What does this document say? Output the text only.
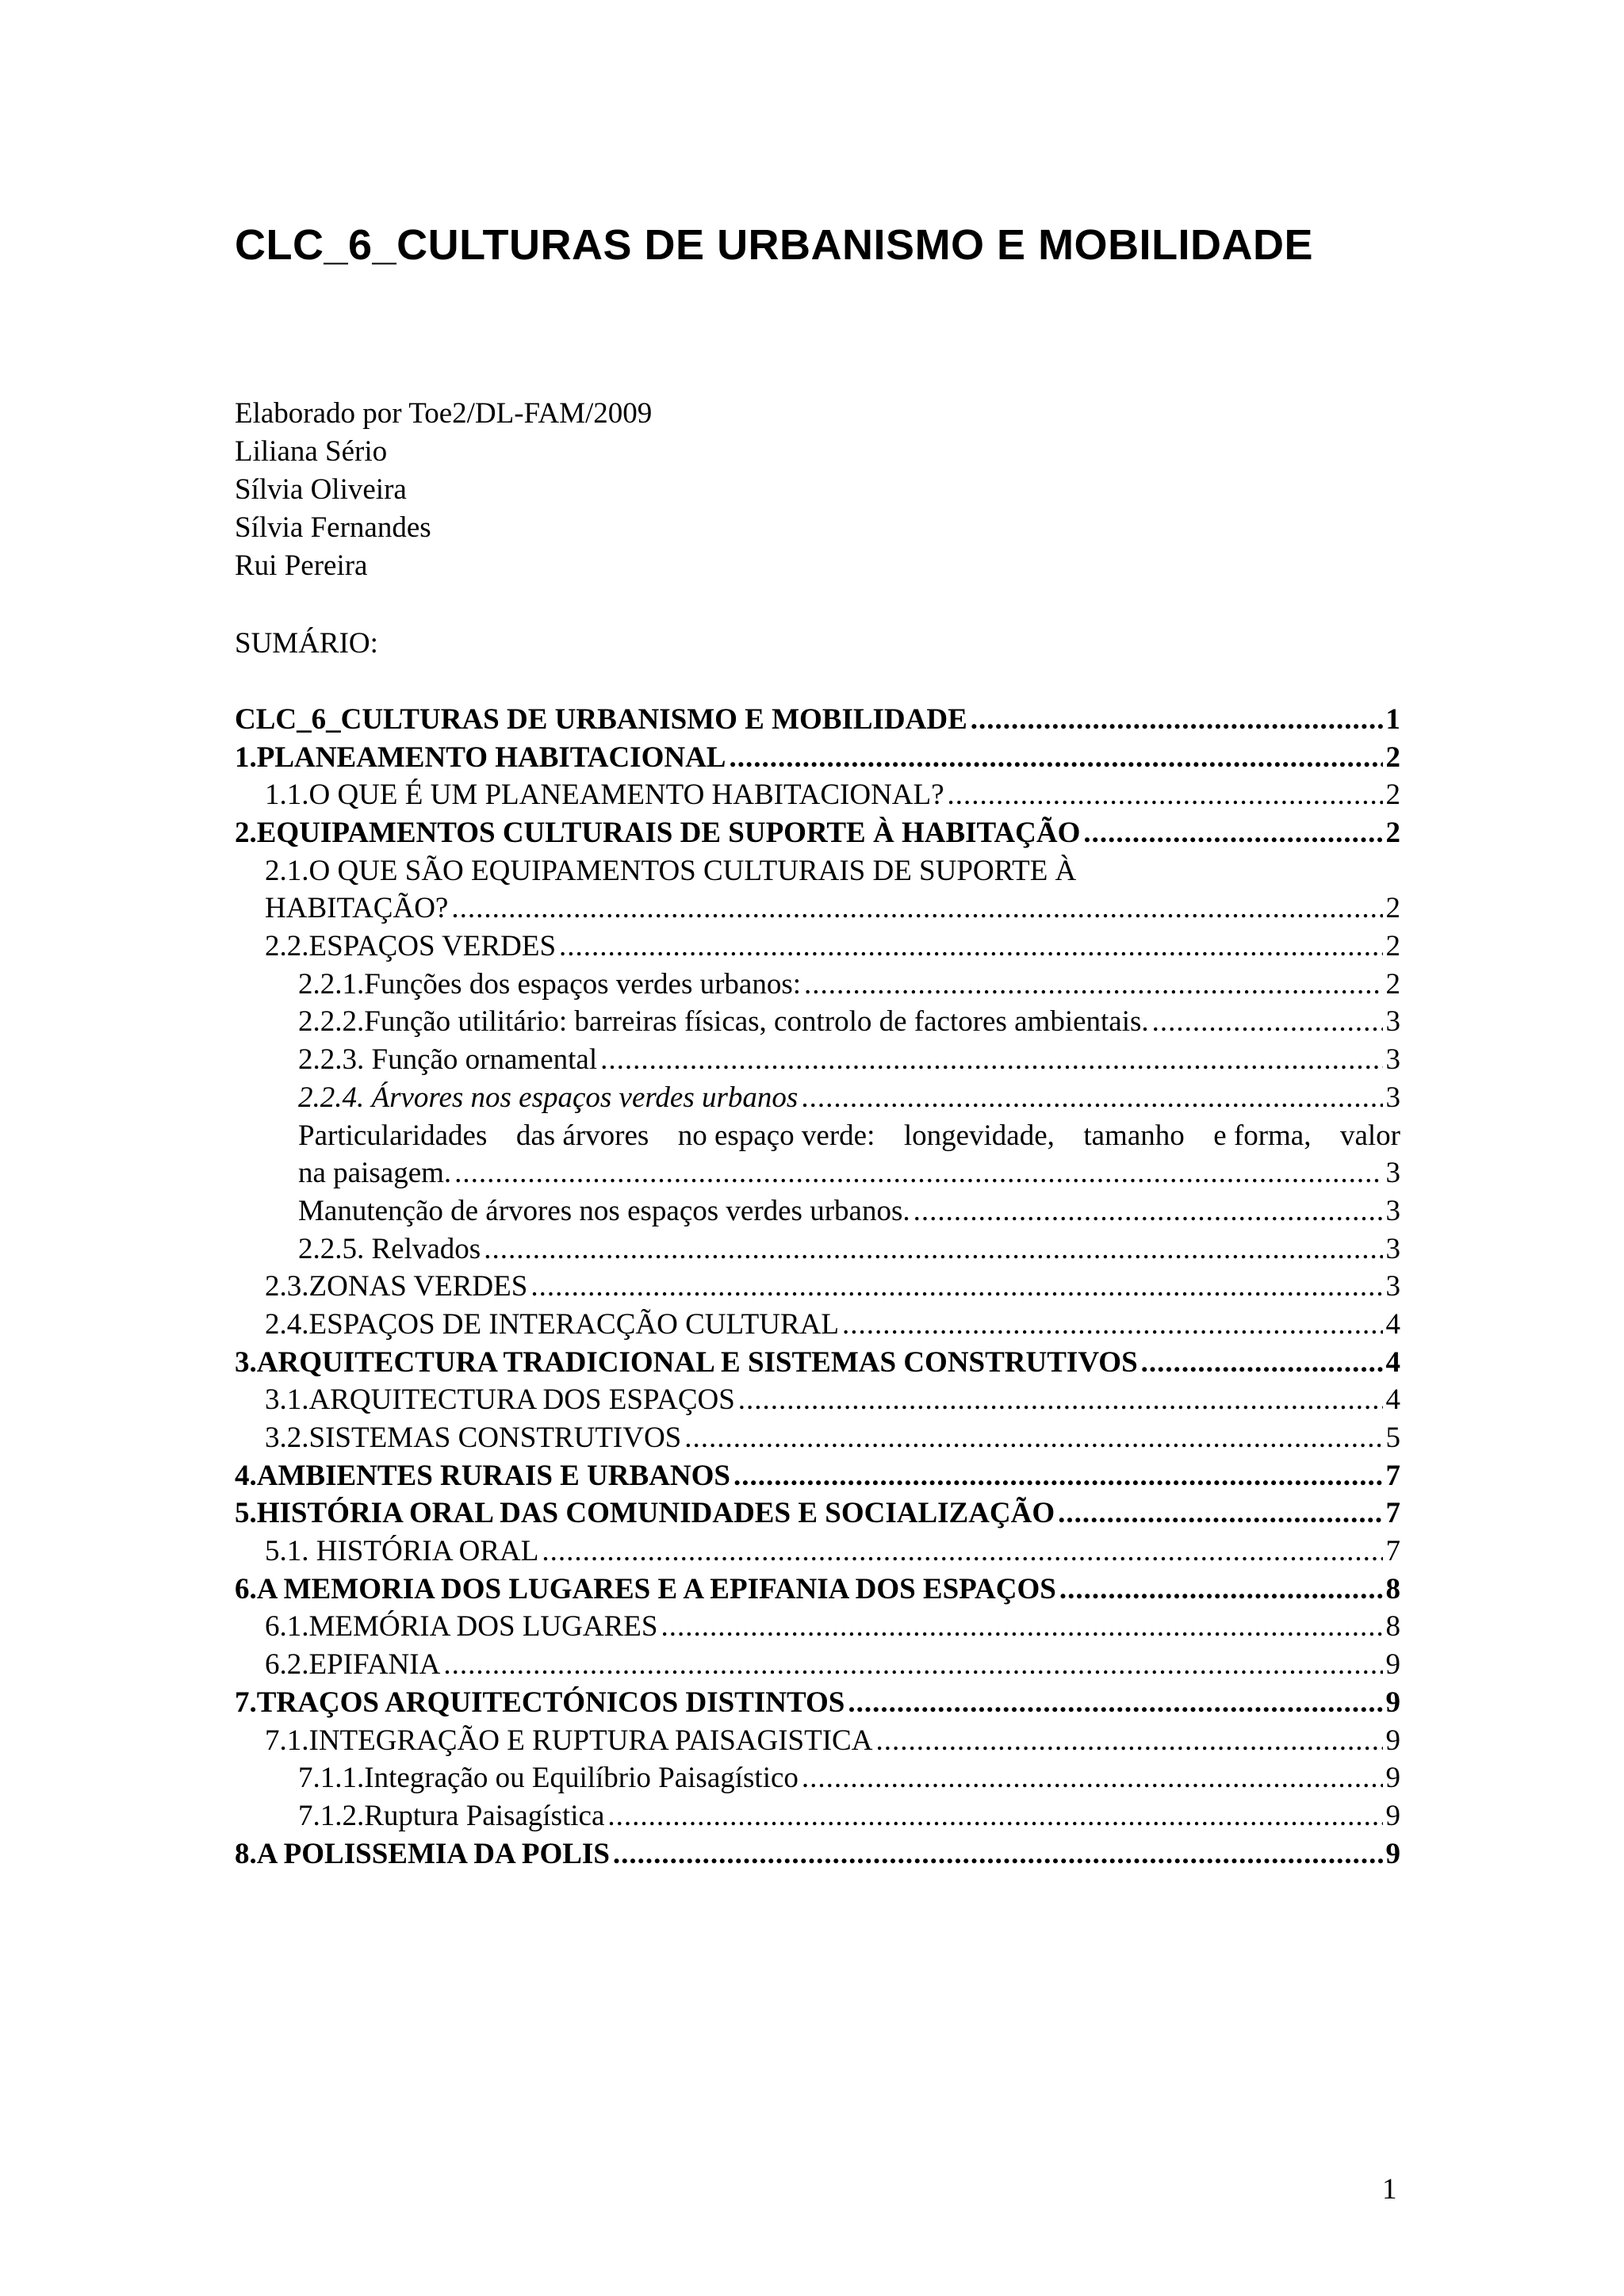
CLC_6_CULTURAS DE URBANISMO E MOBILIDADE
Elaborado por Toe2/DL-FAM/2009
Liliana Sério
Sílvia Oliveira
Sílvia Fernandes
Rui Pereira
SUMÁRIO:
CLC_6_CULTURAS DE URBANISMO E MOBILIDADE .....	1
1.PLANEAMENTO HABITACIONAL .....	2
1.1.O QUE É UM PLANEAMENTO HABITACIONAL? .....	2
2.EQUIPAMENTOS CULTURAIS DE SUPORTE À HABITAÇÃO .....	2
2.1.O QUE SÃO EQUIPAMENTOS CULTURAIS DE SUPORTE À
HABITAÇÃO? .....	2
2.2.ESPAÇOS VERDES .....	2
2.2.1.Funções dos espaços verdes urbanos: .....	2
2.2.2.Função utilitário: barreiras físicas, controlo de factores ambientais. .....	3
2.2.3. Função ornamental .....	3
2.2.4. Árvores nos espaços verdes urbanos .....	3
Particularidades das árvores no espaço verde: longevidade, tamanho e forma, valor
na paisagem. .....	3
Manutenção de árvores nos espaços verdes urbanos. .....	3
2.2.5. Relvados .....	3
2.3.ZONAS VERDES .....	3
2.4.ESPAÇOS DE INTERACÇÃO CULTURAL .....	4
3.ARQUITECTURA TRADICIONAL E SISTEMAS CONSTRUTIVOS .....	4
3.1.ARQUITECTURA DOS ESPAÇOS .....	4
3.2.SISTEMAS CONSTRUTIVOS .....	5
4.AMBIENTES RURAIS E URBANOS .....	7
5.HISTÓRIA ORAL DAS COMUNIDADES E SOCIALIZAÇÃO .....	7
5.1. HISTÓRIA ORAL .....	7
6.A MEMORIA DOS LUGARES E A EPIFANIA DOS ESPAÇOS .....	8
6.1.MEMÓRIA DOS LUGARES .....	8
6.2.EPIFANIA .....	9
7.TRAÇOS ARQUITECTÓNICOS DISTINTOS .....	9
7.1.INTEGRAÇÃO E RUPTURA PAISAGISTICA .....	9
7.1.1.Integração ou Equilíbrio Paisagístico .....	9
7.1.2.Ruptura Paisagística .....	9
8.A POLISSEMIA DA POLIS .....	9
1
